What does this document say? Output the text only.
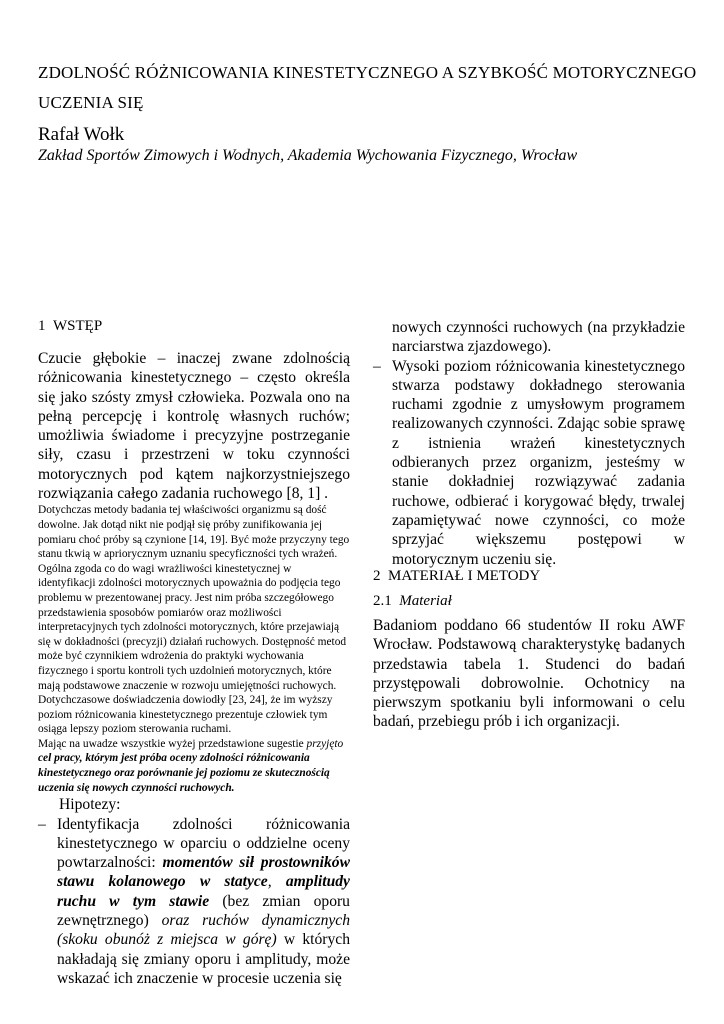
ZDOLNOŚĆ RÓŻNICOWANIA KINESTETYCZNEGO A SZYBKOŚĆ MOTORYCZNEGO UCZENIA SIĘ

Rafał Wołk

Zakład Sportów Zimowych i Wodnych, Akademia Wychowania Fizycznego, Wrocław

1  WSTĘP

Czucie głębokie – inaczej zwane zdolnością różnicowania kinestetycznego – często określa się jako szósty zmysł człowieka. Pozwala ono na pełną percepcję i kontrolę własnych ruchów; umożliwia świadome i precyzyjne postrzeganie siły, czasu i przestrzeni w toku czynności motorycznych pod kątem najkorzystniejszego rozwiązania całego zadania ruchowego [8, 1] .

Dotychczas metody badania tej właściwości organizmu są dość dowolne. Jak dotąd nikt nie podjął się próby zunifikowania jej pomiaru choć próby są czynione [14, 19]. Być może przyczyny tego stanu tkwią w apriorycznym uznaniu specyficzności tych wrażeń. Ogólna zgoda co do wagi wrażliwości kinestetycznej w identyfikacji zdolności motorycznych upoważnia do podjęcia tego problemu w prezentowanej pracy. Jest nim próba szczegółowego przedstawienia sposobów pomiarów oraz możliwości interpretacyjnych tych zdolności motorycznych, które przejawiają się w dokładności (precyzji) działań ruchowych. Dostępność metod może być czynnikiem wdrożenia do praktyki wychowania fizycznego i sportu kontroli tych uzdolnień motorycznych, które mają podstawowe znaczenie w rozwoju umiejętności ruchowych.

Dotychczasowe doświadczenia dowiodły [23, 24], że im wyższy poziom różnicowania kinestetycznego prezentuje człowiek tym osiąga lepszy poziom sterowania ruchami.

Mając na uwadze wszystkie wyżej przedstawione sugestie przyjęto cel pracy, którym jest próba oceny zdolności różnicowania kinestetycznego oraz porównanie jej poziomu ze skutecznością uczenia się nowych czynności ruchowych.

Hipotezy:

– Identyfikacja zdolności różnicowania kinestetycznego w oparciu o oddzielne oceny powtarzalności: momentów sił prostowników stawu kolanowego w statyce, amplitudy ruchu w tym stawie (bez zmian oporu zewnętrznego) oraz ruchów dynamicznych (skoku obunóż z miejsca w górę) w których nakładają się zmiany oporu i amplitudy, może wskazać ich znaczenie w procesie uczenia się
nowych czynności ruchowych (na przykładzie narciarstwa zjazdowego).
– Wysoki poziom różnicowania kinestetycznego stwarza podstawy dokładnego sterowania ruchami zgodnie z umysłowym programem realizowanych czynności. Zdając sobie sprawę z istnienia wrażeń kinestetycznych odbieranych przez organizm, jesteśmy w stanie dokładniej rozwiązywać zadania ruchowe, odbierać i korygować błędy, trwalej zapamiętywać nowe czynności, co może sprzyjać większemu postępowi w motorycznym uczeniu się.

2  MATERIAŁ I METODY

2.1 Materiał

Badaniom poddano 66 studentów II roku AWF Wrocław. Podstawową charakterystykę badanych przedstawia tabela 1. Studenci do badań przystępowali dobrowolnie. Ochotnicy na pierwszym spotkaniu byli informowani o celu badań, przebiegu prób i ich organizacji.
